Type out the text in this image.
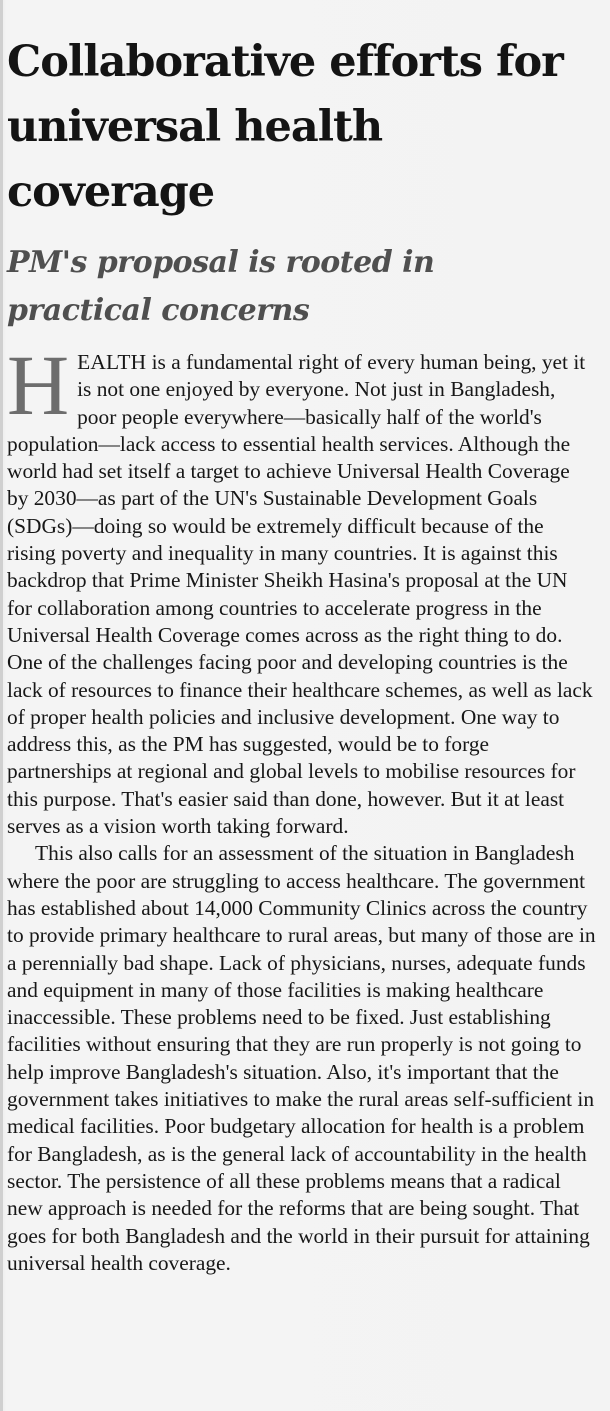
Collaborative efforts for universal health coverage
PM's proposal is rooted in practical concerns

HEALTH is a fundamental right of every human being, yet it is not one enjoyed by everyone. Not just in Bangladesh, poor people everywhere—basically half of the world's population—lack access to essential health services. Although the world had set itself a target to achieve Universal Health Coverage by 2030—as part of the UN's Sustainable Development Goals (SDGs)—doing so would be extremely difficult because of the rising poverty and inequality in many countries. It is against this backdrop that Prime Minister Sheikh Hasina's proposal at the UN for collaboration among countries to accelerate progress in the Universal Health Coverage comes across as the right thing to do. One of the challenges facing poor and developing countries is the lack of resources to finance their healthcare schemes, as well as lack of proper health policies and inclusive development. One way to address this, as the PM has suggested, would be to forge partnerships at regional and global levels to mobilise resources for this purpose. That's easier said than done, however. But it at least serves as a vision worth taking forward.

This also calls for an assessment of the situation in Bangladesh where the poor are struggling to access healthcare. The government has established about 14,000 Community Clinics across the country to provide primary healthcare to rural areas, but many of those are in a perennially bad shape. Lack of physicians, nurses, adequate funds and equipment in many of those facilities is making healthcare inaccessible. These problems need to be fixed. Just establishing facilities without ensuring that they are run properly is not going to help improve Bangladesh's situation. Also, it's important that the government takes initiatives to make the rural areas self-sufficient in medical facilities. Poor budgetary allocation for health is a problem for Bangladesh, as is the general lack of accountability in the health sector. The persistence of all these problems means that a radical new approach is needed for the reforms that are being sought. That goes for both Bangladesh and the world in their pursuit for attaining universal health coverage.
